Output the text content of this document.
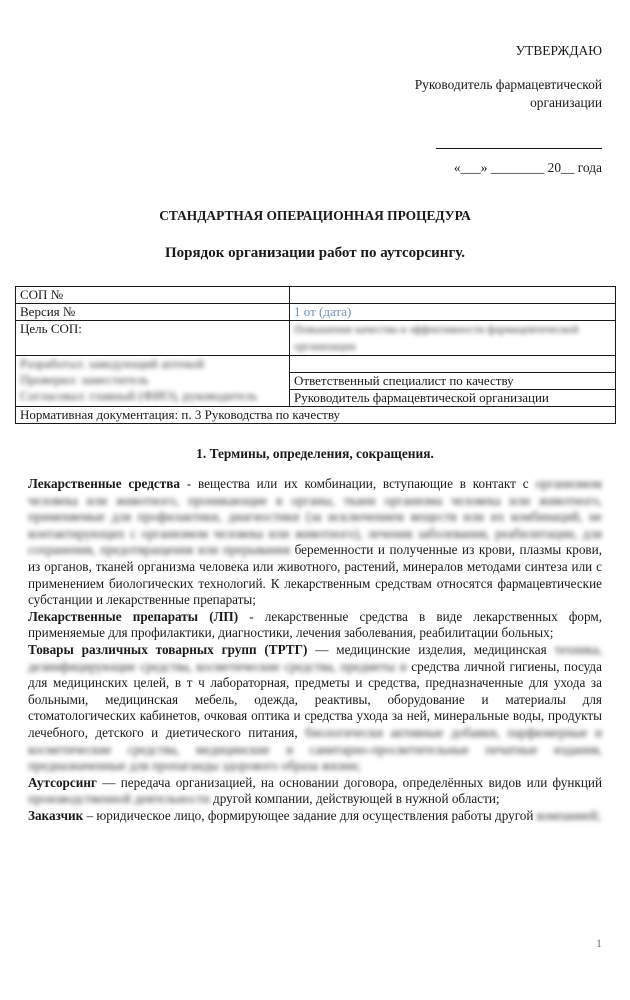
УТВЕРЖДАЮ
Руководитель фармацевтической организации
«___» ________ 20__ года
СТАНДАРТНАЯ ОПЕРАЦИОННАЯ ПРОЦЕДУРА
Порядок организации работ по аутсорсингу.
СОП №	
Версия №	1 от (дата)
Цель СОП:	Повышение качества и эффективности фармацевтической организации

Разработал: заведующий аптекой
Проверил: заместитель
Согласовал: главный (ФИО), руководитель	

	Ответственный специалист по качеству
	Руководитель фармацевтической организации
Нормативная документация: п. 3 Руководства по качеству	
1. Термины, определения, сокращения.

Лекарственные средства - вещества или их комбинации, вступающие в контакт с организмом человека или животного, проникающие в органы, ткани организма человека или животного, применяемые для профилактики, диагностики (за исключением веществ или их комбинаций, не контактирующих с организмом человека или животного), лечения заболевания, реабилитации, для сохранения, предотвращения или прерывания беременности и полученные из крови, плазмы крови, из органов, тканей организма человека или животного, растений, минералов методами синтеза или с применением биологических технологий. К лекарственным средствам относятся фармацевтические субстанции и лекарственные препараты;

Лекарственные препараты (ЛП) - лекарственные средства в виде лекарственных форм, применяемые для профилактики, диагностики, лечения заболевания, реабилитации больных;

Товары различных товарных групп (ТРТГ) — медицинские изделия, медицинская техника, дезинфицирующие средства, косметические средства, предметы и средства личной гигиены, посуда для медицинских целей, в т ч лабораторная, предметы и средства, предназначенные для ухода за больными, медицинская мебель, одежда, реактивы, оборудование и материалы для стоматологических кабинетов, очковая оптика и средства ухода за ней, минеральные воды, продукты лечебного, детского и диетического питания, биологически активные добавки, парфюмерные и косметические средства, медицинские и санитарно-просветительные печатные издания, предназначенные для пропаганды здорового образа жизни;

Аутсорсинг — передача организацией, на основании договора, определённых видов или функций производственной деятельности другой компании, действующей в нужной области;

Заказчик – юридическое лицо, формирующее задание для осуществления работы другой компанией;

1
